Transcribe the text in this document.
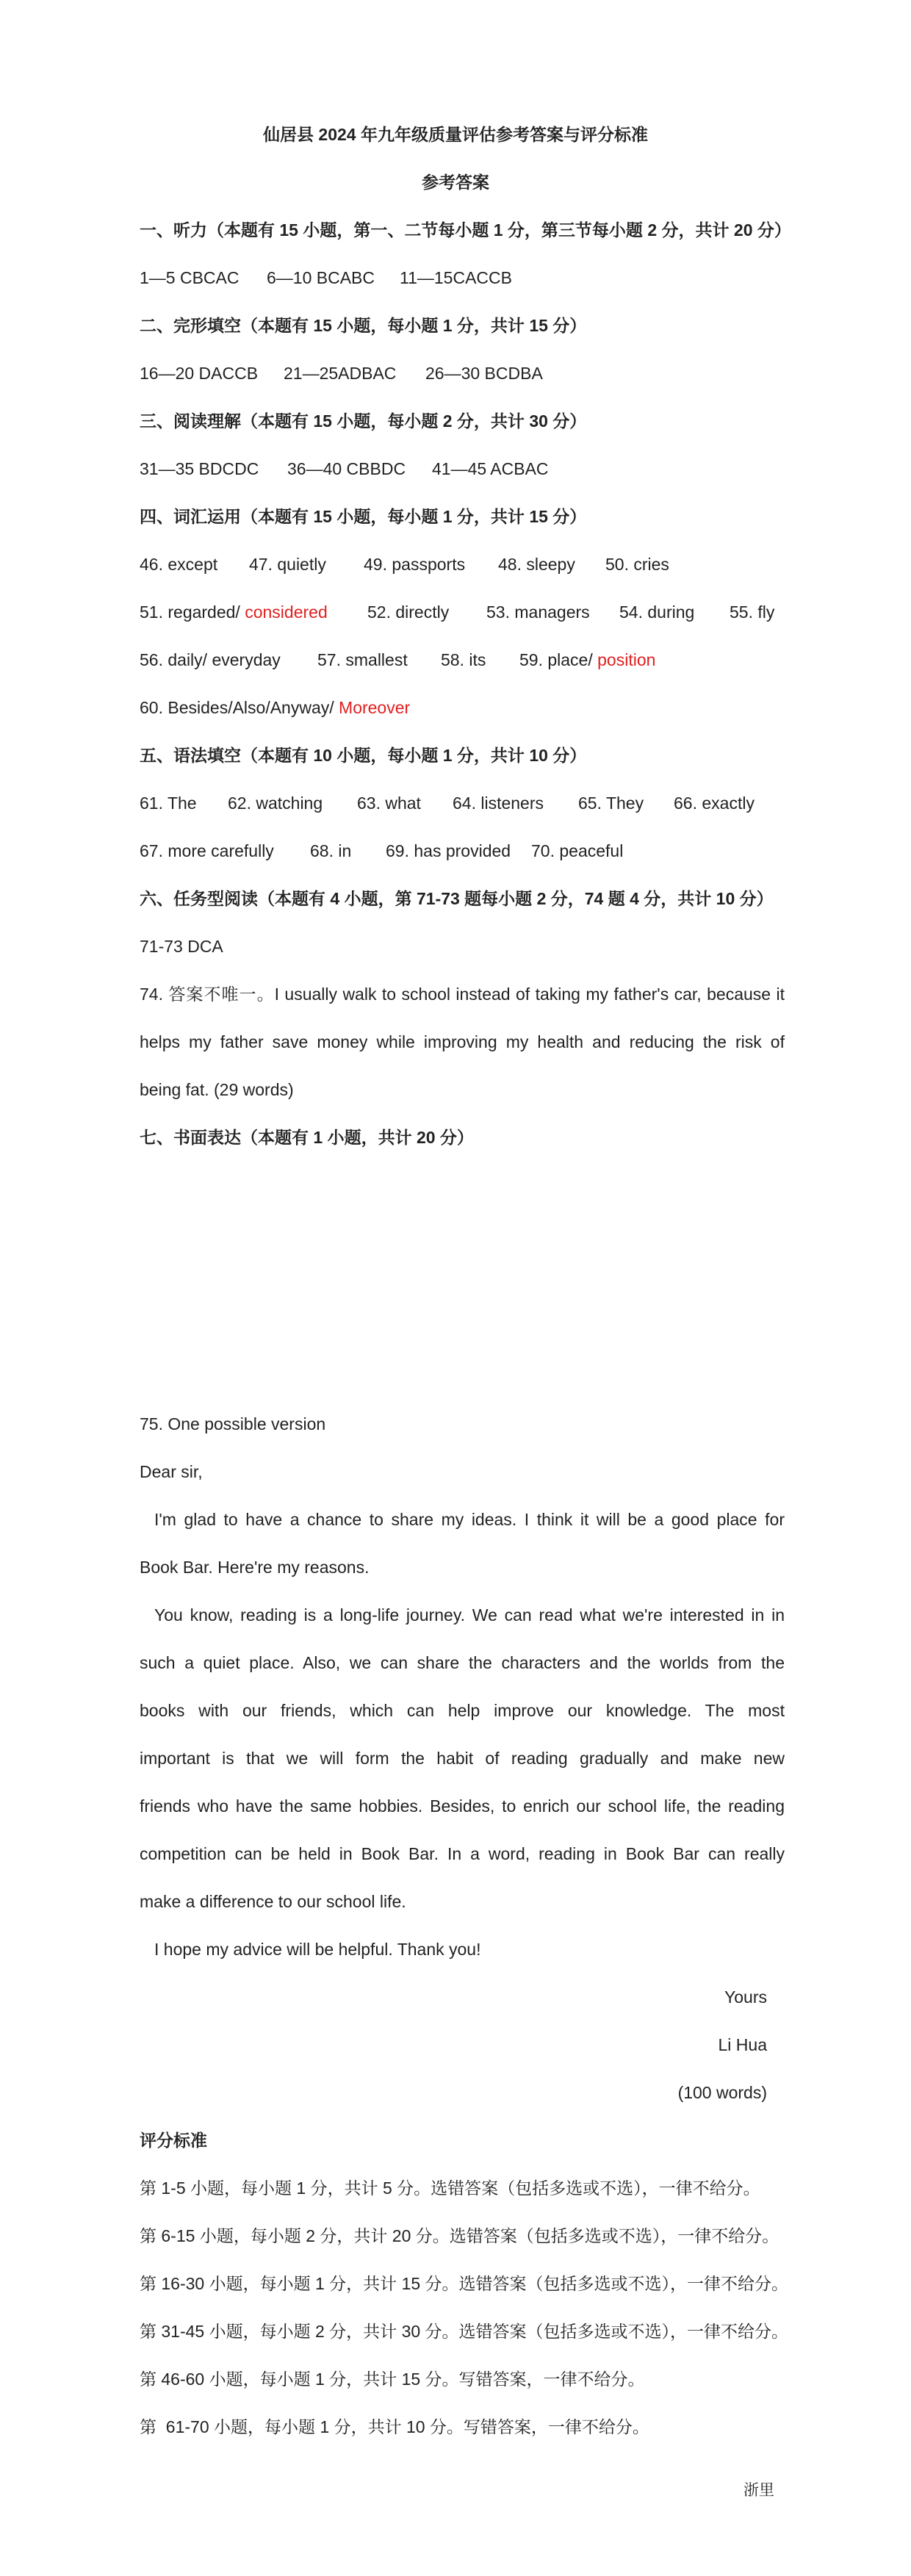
仙居县 2024 年九年级质量评估参考答案与评分标准
参考答案
一、听力（本题有 15 小题，第一、二节每小题 1 分，第三节每小题 2 分，共计 20 分）
1—5 CBCAC 6—10 BCABC 11—15CACCB
二、完形填空（本题有 15 小题，每小题 1 分，共计 15 分）
16—20 DACCB 21—25ADBAC 26—30 BCDBA
三、阅读理解（本题有 15 小题，每小题 2 分，共计 30 分）
31—35 BDCDC 36—40 CBBDC 41—45 ACBAC
四、词汇运用（本题有 15 小题，每小题 1 分，共计 15 分）
46. except 47. quietly 49. passports 48. sleepy 50. cries
51. regarded/ considered 52. directly 53. managers 54. during 55. fly
56. daily/ everyday 57. smallest 58. its 59. place/ position
60. Besides/Also/Anyway/ Moreover
五、语法填空（本题有 10 小题，每小题 1 分，共计 10 分）
61. The 62. watching 63. what 64. listeners 65. They 66. exactly
67. more carefully 68. in 69. has provided 70. peaceful
六、任务型阅读（本题有 4 小题，第 71-73 题每小题 2 分，74 题 4 分，共计 10 分）
71-73 DCA
74. 答案不唯一。I usually walk to school instead of taking my father's car, because it
helps my father save money while improving my health and reducing the risk of
being fat. (29 words)
七、书面表达（本题有 1 小题，共计 20 分）
75. One possible version
Dear sir,
I'm glad to have a chance to share my ideas. I think it will be a good place for
Book Bar. Here're my reasons.
You know, reading is a long-life journey. We can read what we're interested in in
such a quiet place. Also, we can share the characters and the worlds from the
books with our friends, which can help improve our knowledge. The most
important is that we will form the habit of reading gradually and make new
friends who have the same hobbies. Besides, to enrich our school life, the reading
competition can be held in Book Bar. In a word, reading in Book Bar can really
make a difference to our school life.
I hope my advice will be helpful. Thank you!
Yours
Li Hua
(100 words)
评分标准
第 1-5 小题，每小题 1 分，共计 5 分。选错答案（包括多选或不选），一律不给分。
第 6-15 小题，每小题 2 分，共计 20 分。选错答案（包括多选或不选），一律不给分。
第 16-30 小题，每小题 1 分，共计 15 分。选错答案（包括多选或不选），一律不给分。
第 31-45 小题，每小题 2 分，共计 30 分。选错答案（包括多选或不选），一律不给分。
第 46-60 小题，每小题 1 分，共计 15 分。写错答案，一律不给分。
第  61-70 小题，每小题 1 分，共计 10 分。写错答案，一律不给分。
浙里
